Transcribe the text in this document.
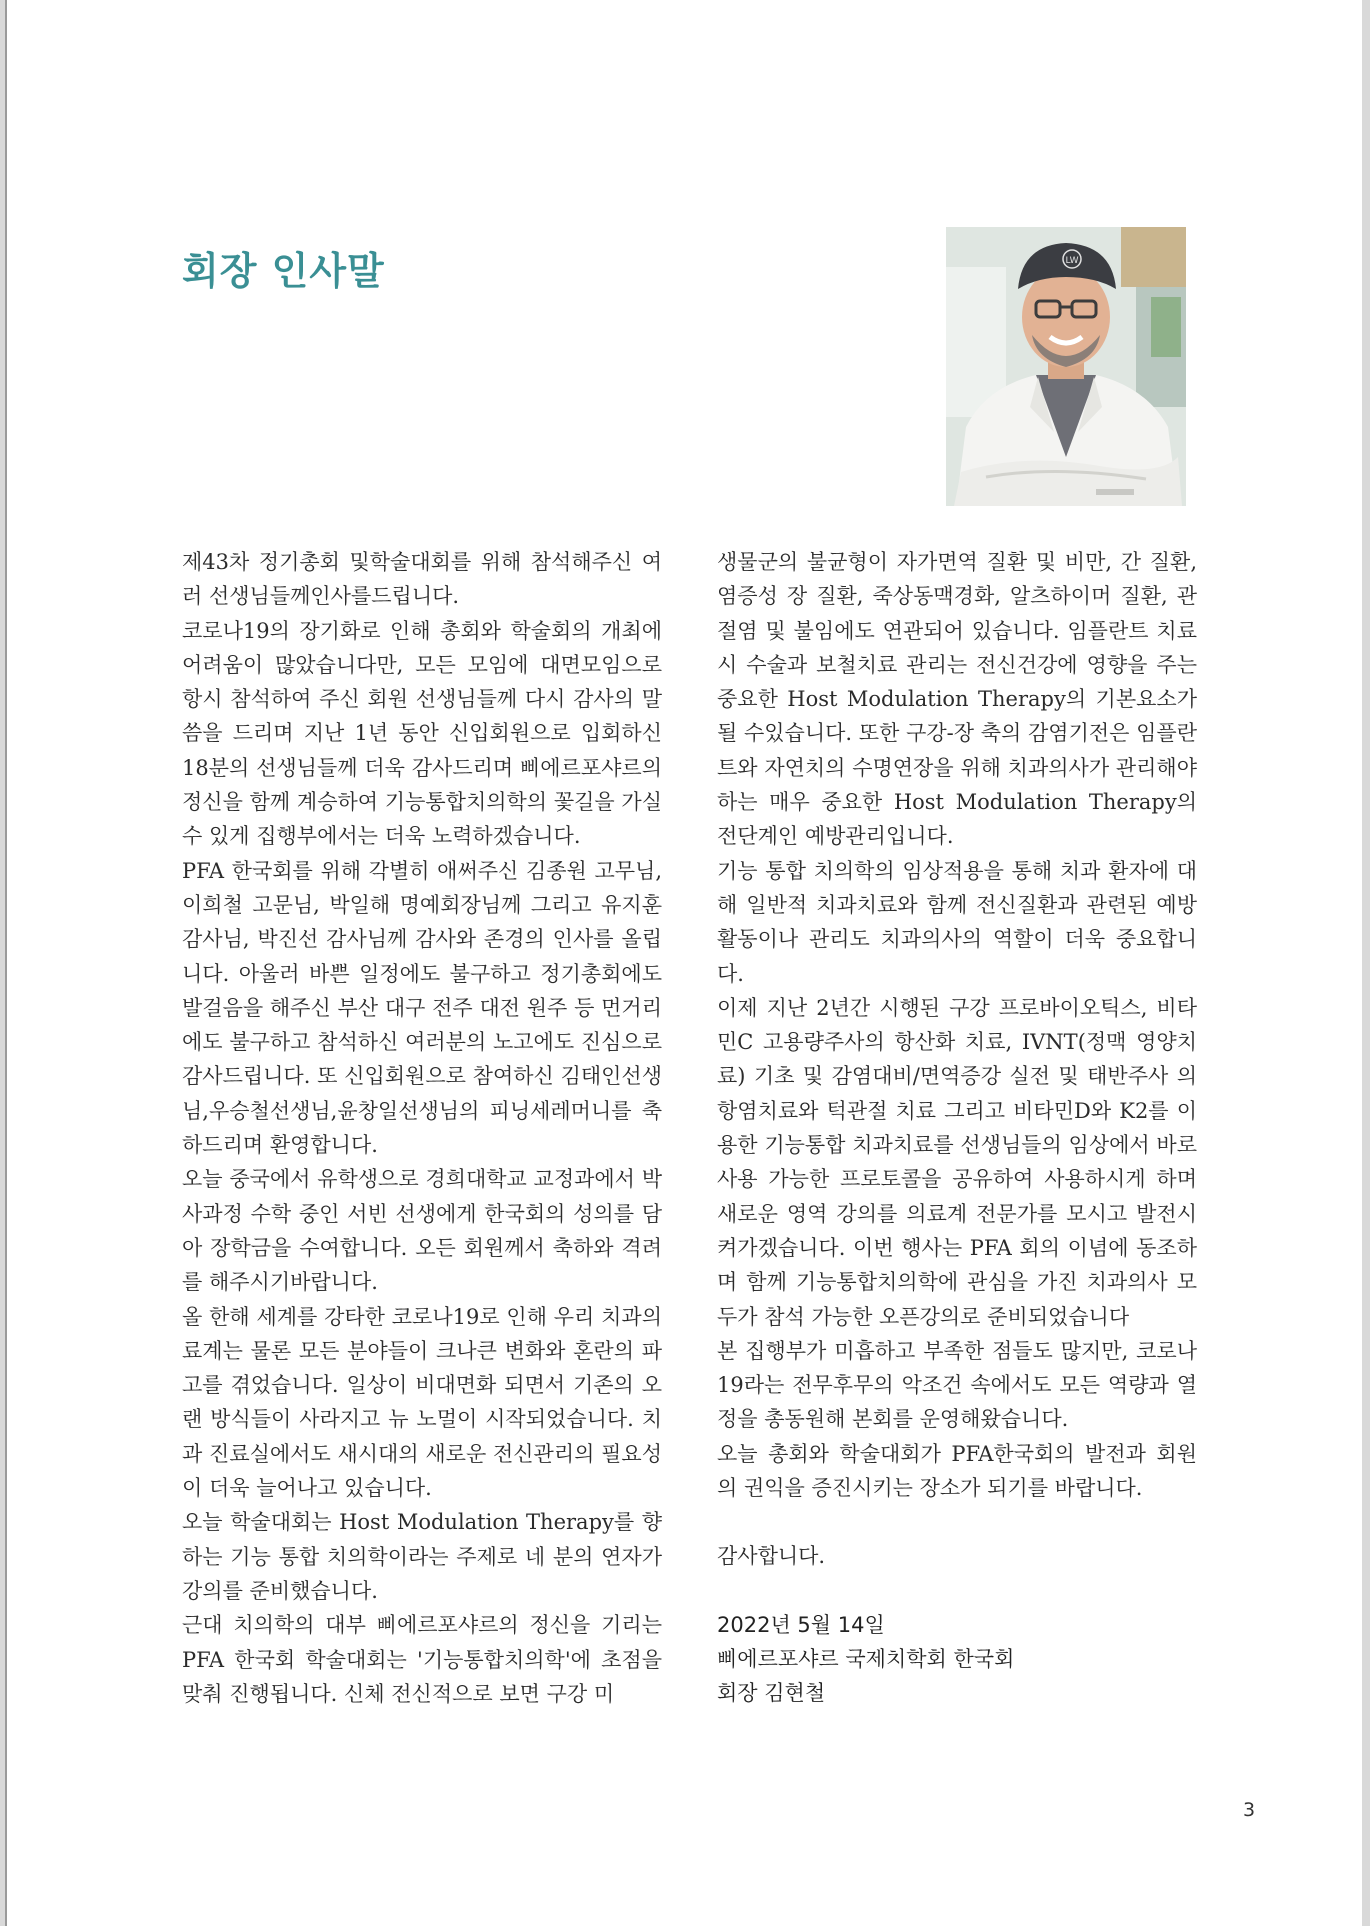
회장 인사말	LW

제43차 정기총회 및학술대회를 위해 참석해주신 여러 선생님들께인사를드립니다.

코로나19의 장기화로 인해 총회와 학술회의 개최에 어려움이 많았습니다만, 모든 모임에 대면모임으로 항시 참석하여 주신 회원 선생님들께 다시 감사의 말씀을 드리며 지난 1년 동안 신입회원으로 입회하신18분의 선생님들께 더욱 감사드리며 삐에르포샤르의 정신을 함께 계승하여 기능통합치의학의 꽃길을 가실 수 있게 집행부에서는 더욱 노력하겠습니다.

PFA 한국회를 위해 각별히 애써주신 김종원 고무님,이희철 고문님, 박일해 명예회장님께 그리고 유지훈 감사님, 박진선 감사님께 감사와 존경의 인사를 올립니다. 아울러 바쁜 일정에도 불구하고 정기총회에도 발걸음을 해주신 부산 대구 전주 대전 원주 등 먼거리에도 불구하고 참석하신 여러분의 노고에도 진심으로 감사드립니다. 또 신입회원으로 참여하신 김태인선생님,우승철선생님,윤창일선생님의 피닝세레머니를 축하드리며 환영합니다.

오늘 중국에서 유학생으로 경희대학교 교정과에서 박사과정 수학 중인 서빈 선생에게 한국회의 성의를 담아 장학금을 수여합니다. 오든 회원께서 축하와 격려를 해주시기바랍니다.

올 한해 세계를 강타한 코로나19로 인해 우리 치과의료계는 물론 모든 분야들이 크나큰 변화와 혼란의 파고를 겪었습니다. 일상이 비대면화 되면서 기존의 오랜 방식들이 사라지고 뉴 노멀이 시작되었습니다. 치과 진료실에서도 새시대의 새로운 전신관리의 필요성이 더욱 늘어나고 있습니다.

오늘 학술대회는 Host Modulation Therapy를 향하는 기능 통합 치의학이라는 주제로 네 분의 연자가 강의를 준비했습니다.

근대 치의학의 대부 삐에르포샤르의 정신을 기리는 PFA 한국회 학술대회는 '기능통합치의학'에 초점을 맞춰 진행됩니다. 신체 전신적으로 보면 구강 미

생물군의 불균형이 자가면역 질환 및 비만, 간 질환, 염증성 장 질환, 죽상동맥경화, 알츠하이머 질환, 관절염 및 불임에도 연관되어 있습니다. 임플란트 치료시 수술과 보철치료 관리는 전신건강에 영향을 주는 중요한 Host Modulation Therapy의 기본요소가 될 수있습니다. 또한 구강-장 축의 감염기전은 임플란트와 자연치의 수명연장을 위해 치과의사가 관리해야하는 매우 중요한 Host Modulation Therapy의 전단계인 예방관리입니다.

기능 통합 치의학의 임상적용을 통해 치과 환자에 대해 일반적 치과치료와 함께 전신질환과 관련된 예방활동이나 관리도 치과의사의 역할이 더욱 중요합니다.

이제 지난 2년간 시행된 구강 프로바이오틱스, 비타민C 고용량주사의 항산화 치료, IVNT(정맥 영양치료) 기초 및 감염대비/면역증강 실전 및 태반주사 의항염치료와 턱관절 치료 그리고 비타민D와 K2를 이용한 기능통합 치과치료를 선생님들의 임상에서 바로 사용 가능한 프로토콜을 공유하여 사용하시게 하며 새로운 영역 강의를 의료계 전문가를 모시고 발전시켜가겠습니다. 이번 행사는 PFA 회의 이념에 동조하며 함께 기능통합치의학에 관심을 가진 치과의사 모두가 참석 가능한 오픈강의로 준비되었습니다

본 집행부가 미흡하고 부족한 점들도 많지만, 코로나19라는 전무후무의 악조건 속에서도 모든 역량과 열정을 총동원해 본회를 운영해왔습니다.

오늘 총회와 학술대회가 PFA한국회의 발전과 회원의 권익을 증진시키는 장소가 되기를 바랍니다.

감사합니다.

2022년 5월 14일
삐에르포샤르 국제치학회 한국회
회장 김현철
3
